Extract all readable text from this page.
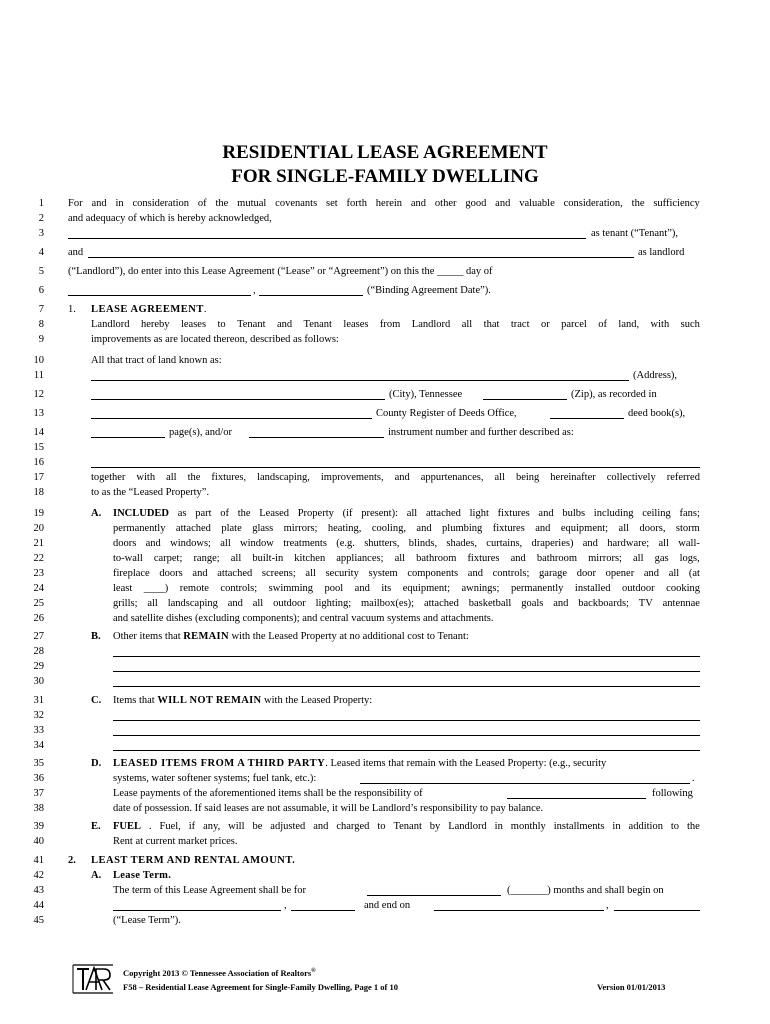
RESIDENTIAL LEASE AGREEMENT
FOR SINGLE-FAMILY DWELLING
1
2
3
4
5
6
7
8
9
10
11
12
13
14
15
16
17
18
19
20
21
22
23
24
25
26
27
28
29
30
31
32
33
34
35
36
37
38
39
40
41
42
43
44
45
For and in consideration of the mutual covenants set forth herein and other good and valuable consideration, the sufficiency
and adequacy of which is hereby acknowledged,
as tenant (“Tenant”),
and	as landlord
(“Landlord”), do enter into this Lease Agreement (“Lease” or “Agreement”) on this the _____ day of
,	(“Binding Agreement Date”).
1. LEASE AGREEMENT.
Landlord hereby leases to Tenant and Tenant leases from Landlord all that tract or parcel of land, with such
improvements as are located thereon, described as follows:
All that tract of land known as:
(Address),
(City), Tennessee	(Zip), as recorded in
County Register of Deeds Office,	deed book(s),
page(s), and/or	instrument number and further described as:
together with all the fixtures, landscaping, improvements, and appurtenances, all being hereinafter collectively referred
to as the “Leased Property”.
A. INCLUDED as part of the Leased Property (if present): all attached light fixtures and bulbs including ceiling fans;
permanently attached plate glass mirrors; heating, cooling, and plumbing fixtures and equipment; all doors, storm
doors and windows; all window treatments (e.g. shutters, blinds, shades, curtains, draperies) and hardware; all wall-
to-wall carpet; range; all built-in kitchen appliances; all bathroom fixtures and bathroom mirrors; all gas logs,
fireplace doors and attached screens; all security system components and controls; garage door opener and all (at
least ____) remote controls; swimming pool and its equipment; awnings; permanently installed outdoor cooking
grills; all landscaping and all outdoor lighting; mailbox(es); attached basketball goals and backboards; TV antennae
and satellite dishes (excluding components); and central vacuum systems and attachments.
B. Other items that REMAIN with the Leased Property at no additional cost to Tenant:
C. Items that WILL NOT REMAIN with the Leased Property:
D. LEASED ITEMS FROM A THIRD PARTY. Leased items that remain with the Leased Property: (e.g., security
systems, water softener systems; fuel tank, etc.):	.
Lease payments of the aforementioned items shall be the responsibility of	following
date of possession. If said leases are not assumable, it will be Landlord’s responsibility to pay balance.
E. FUEL . Fuel, if any, will be adjusted and charged to Tenant by Landlord in monthly installments in addition to the
Rent at current market prices.
2. LEAST TERM AND RENTAL AMOUNT.
A. Lease Term.
The term of this Lease Agreement shall be for	(_______) months and shall begin on
,	and end on	,
(“Lease Term”).
Copyright 2013 © Tennessee Association of Realtors®
F58 – Residential Lease Agreement for Single-Family Dwelling, Page 1 of 10	Version 01/01/2013
